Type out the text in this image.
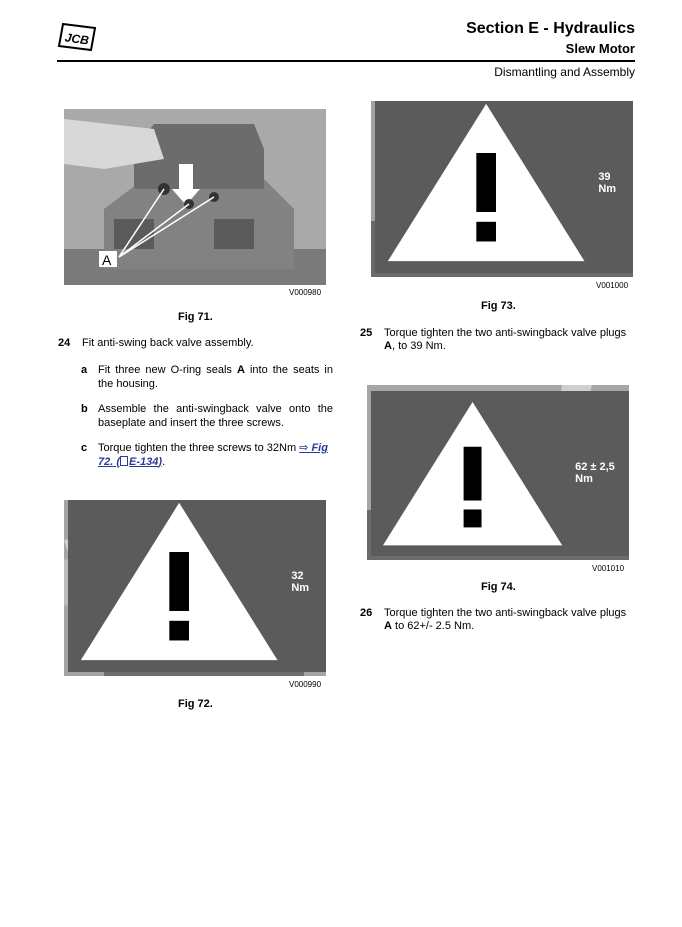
JCB
Section E - Hydraulics
Slew Motor
Dismantling and Assembly
A
V000980
Fig 71.
24 Fit anti-swing back valve assembly.
a Fit three new O-ring seals A into the seats in the housing.
b Assemble the anti-swingback valve onto the baseplate and insert the three screws.
c Torque tighten the three screws to 32Nm ⇨ Fig 72. ( E-134).
32 Nm
V000990
Fig 72.
39 Nm
V001000
Fig 73.
25 Torque tighten the two anti-swingback valve plugs A, to 39 Nm.
62 ± 2,5 Nm
V001010
Fig 74.
26 Torque tighten the two anti-swingback valve plugs A to 62+/- 2.5 Nm.
